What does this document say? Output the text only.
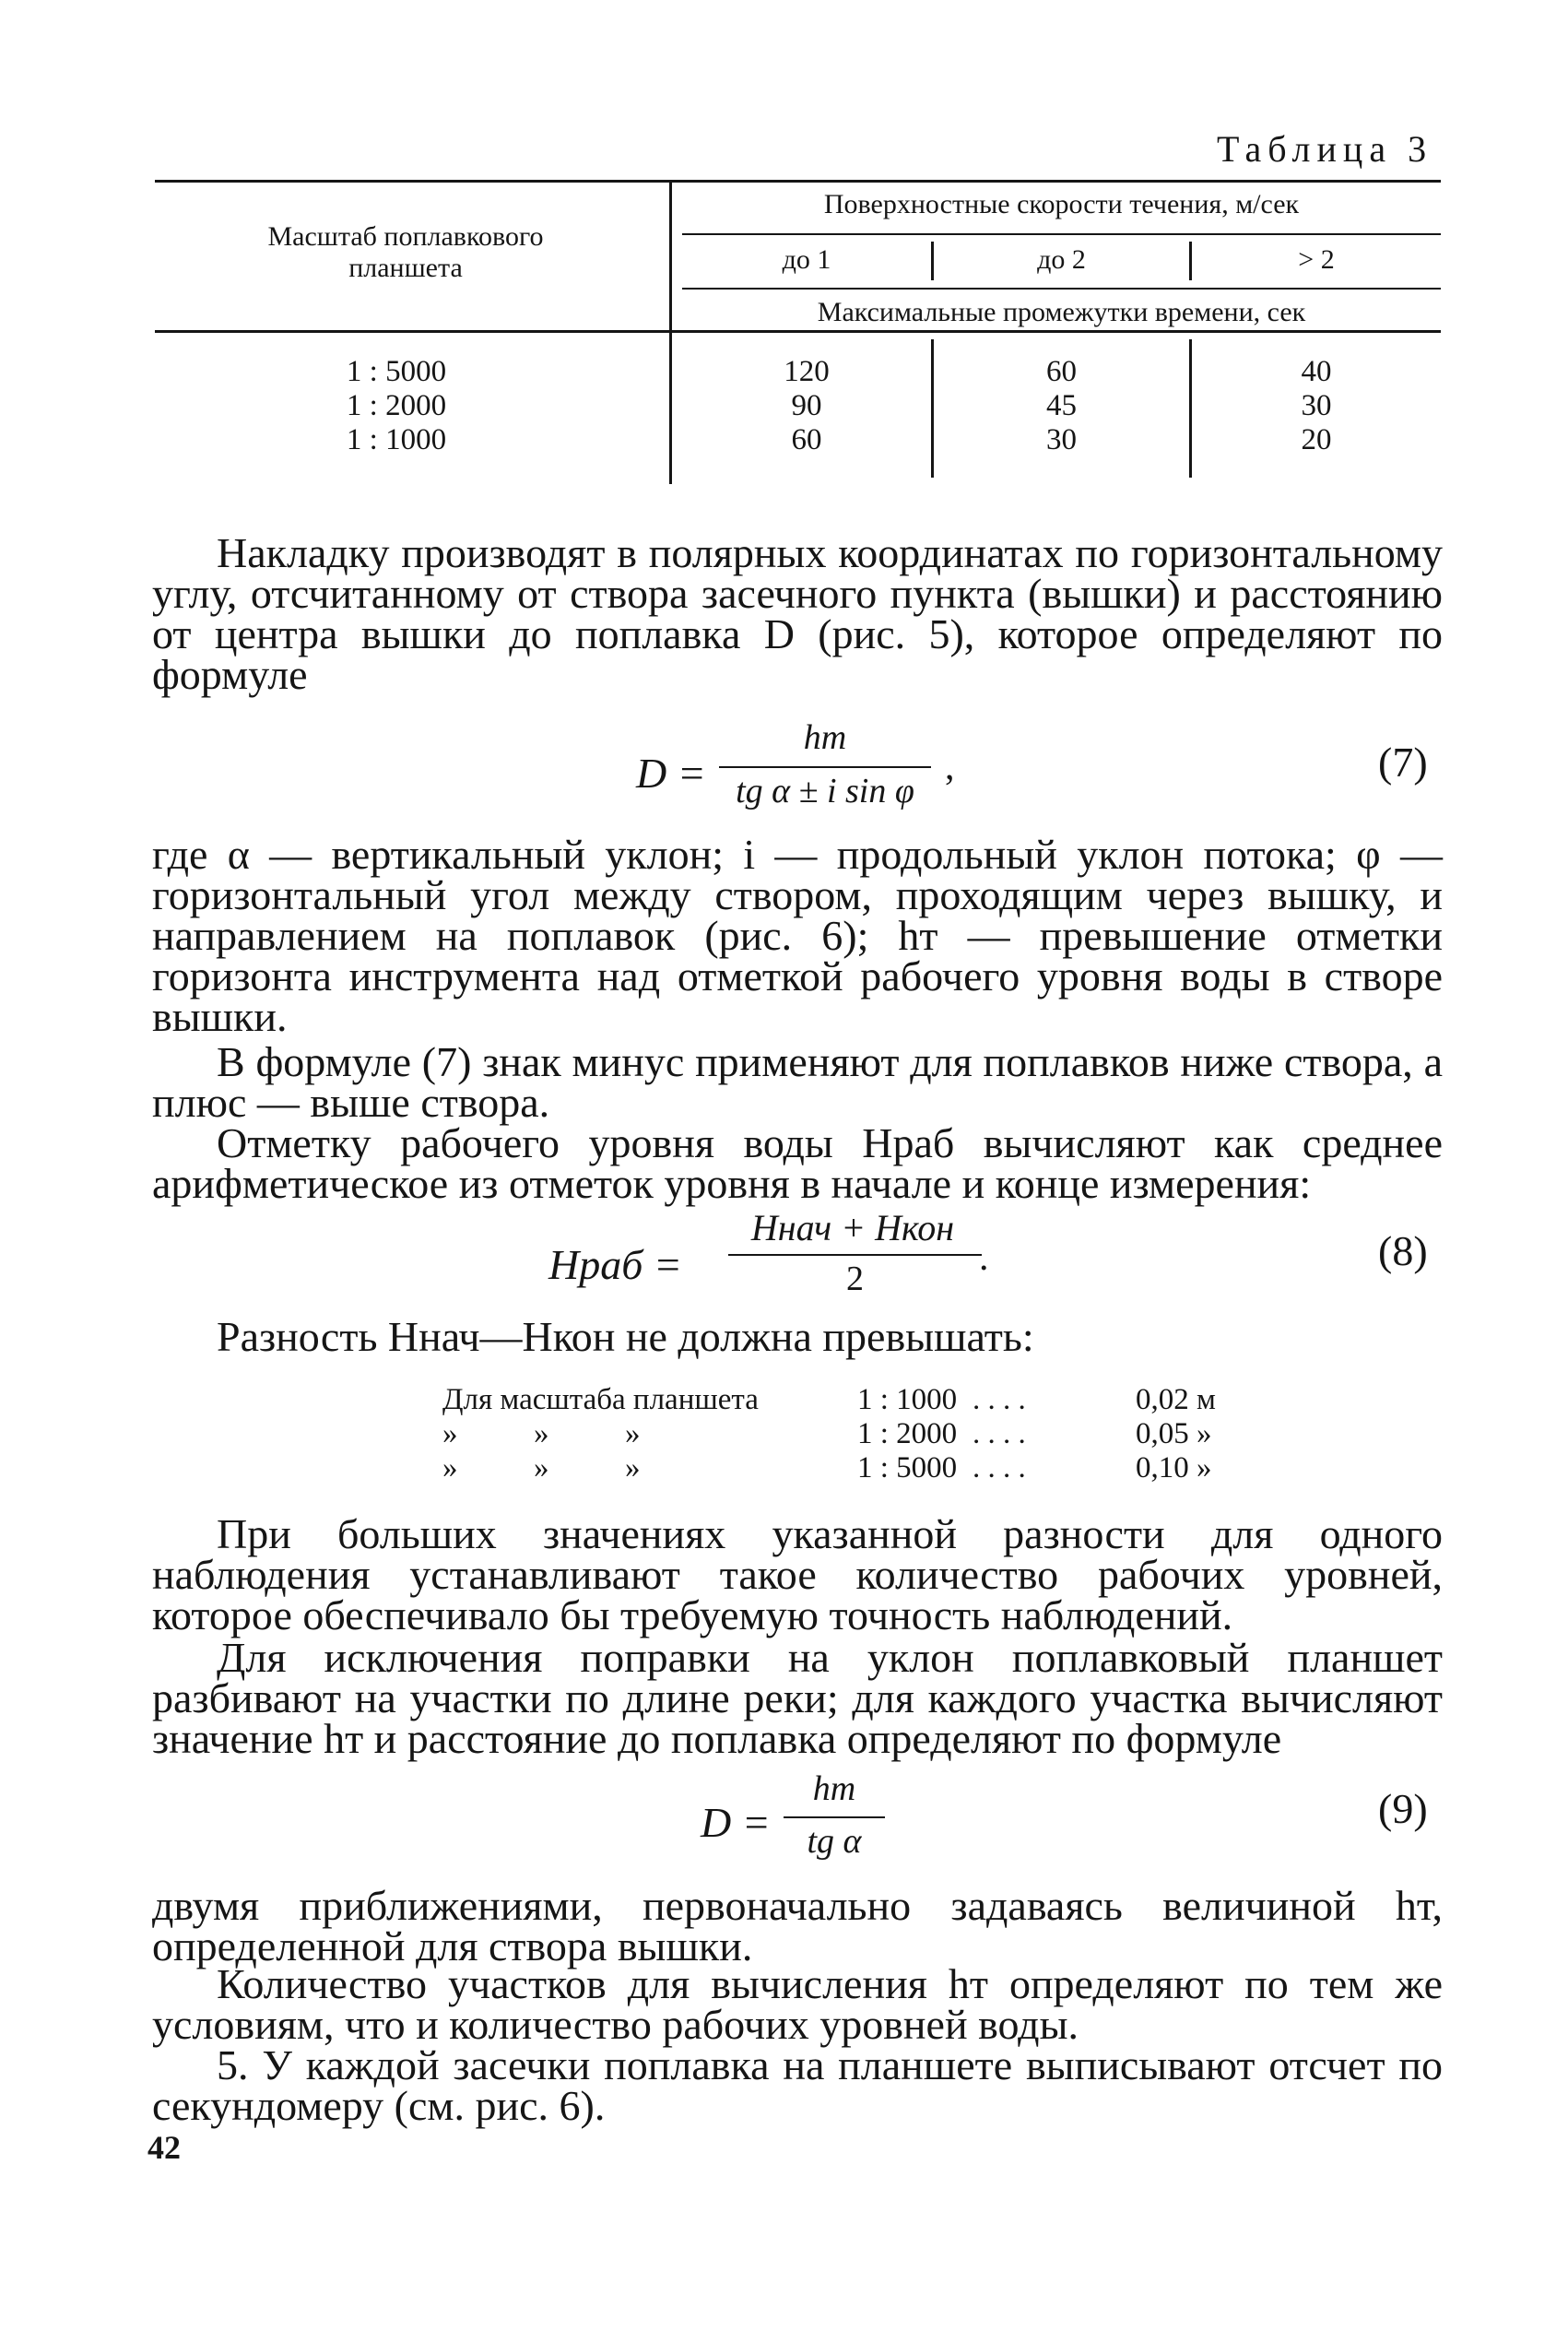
Таблица 3
Масштаб поплавкового планшета
Поверхностные скорости течения, м/сек
до 1	до 2	> 2
Максимальные промежутки времени, сек
1 : 5000	120	60	40
1 : 2000	90	45	30
1 : 1000	60	30	20
Накладку производят в полярных координатах по горизонтальному углу, отсчитанному от створа засечного пункта (вышки) и расстоянию от центра вышки до поплавка D (рис. 5), которое определяют по формуле
D =
hт
tg α ± i sin φ
,	(7)
где α — вертикальный уклон; i — продольный уклон потока; φ — горизонтальный угол между створом, проходящим через вышку, и направлением на поплавок (рис. 6); hт — превышение отметки горизонта инструмента над отметкой рабочего уровня воды в створе вышки.
В формуле (7) знак минус применяют для поплавков ниже створа, а плюс — выше створа.
Отметку рабочего уровня воды Hраб вычисляют как среднее арифметическое из отметок уровня в начале и конце измерения:
Hраб =
Hнач + Hкон
2	.	(8)
Разность Hнач—Hкон не должна превышать:
Для масштаба планшета	1 : 1000 . . . .	0,02 м
»          »          »	1 : 2000 . . . .	0,05 »
»          »          »	1 : 5000 . . . .	0,10 »
При больших значениях указанной разности для одного наблюдения устанавливают такое количество рабочих уровней, которое обеспечивало бы требуемую точность наблюдений.
Для исключения поправки на уклон поплавковый планшет разбивают на участки по длине реки; для каждого участка вычисляют значение hт и расстояние до поплавка определяют по формуле
D =
hт
tg α
(9)
двумя приближениями, первоначально задаваясь величиной hт, определенной для створа вышки.
Количество участков для вычисления hт определяют по тем же условиям, что и количество рабочих уровней воды.
5. У каждой засечки поплавка на планшете выписывают отсчет по секундомеру (см. рис. 6).
42
